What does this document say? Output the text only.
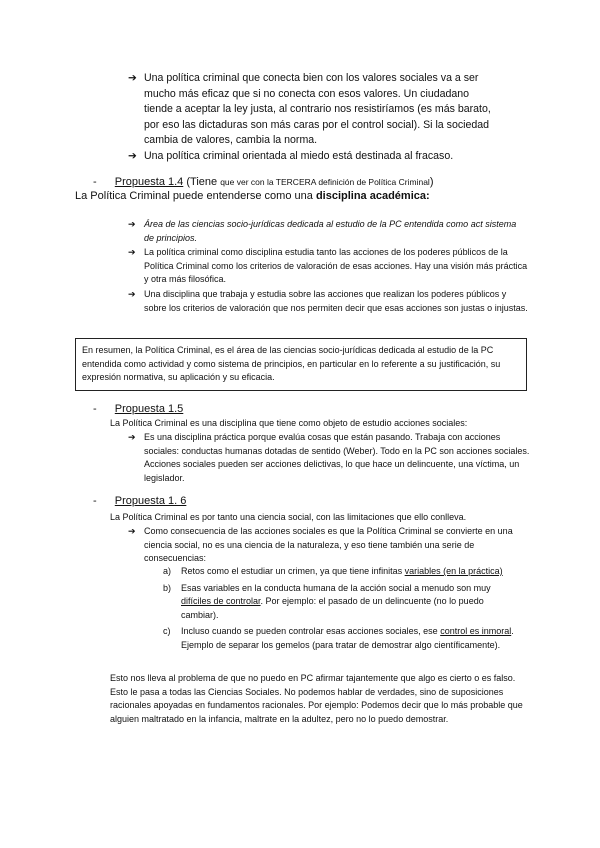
➔ Una política criminal que conecta bien con los valores sociales va a ser mucho más eficaz que si no conecta con esos valores. Un ciudadano tiende a aceptar la ley justa, al contrario nos resistiríamos (es más barato, por eso las dictaduras son más caras por el control social). Si la sociedad cambia de valores, cambia la norma.
➔ Una política criminal orientada al miedo está destinada al fracaso.
- Propuesta 1.4 (Tiene que ver con la TERCERA definición de Política Criminal)
La Política Criminal puede entenderse como una disciplina académica:
➔ Área de las ciencias socio-jurídicas dedicada al estudio de la PC entendida como act sistema de principios.
➔ La política criminal como disciplina estudia tanto las acciones de los poderes públicos de la Política Criminal como los criterios de valoración de esas acciones. Hay una visión más práctica y otra más filosófica.
➔ Una disciplina que trabaja y estudia sobre las acciones que realizan los poderes públicos y sobre los criterios de valoración que nos permiten decir que esas acciones son justas o injustas.
En resumen, la Política Criminal, es el área de las ciencias socio-jurídicas dedicada al estudio de la PC entendida como actividad y como sistema de principios, en particular en lo referente a su justificación, su expresión normativa, su aplicación y su eficacia.
- Propuesta 1.5
La Política Criminal es una disciplina que tiene como objeto de estudio acciones sociales:
➔ Es una disciplina práctica porque evalúa cosas que están pasando. Trabaja con acciones sociales: conductas humanas dotadas de sentido (Weber). Todo en la PC son acciones sociales. Acciones sociales pueden ser acciones delictivas, lo que hace un delincuente, una víctima, un legislador.
- Propuesta 1. 6
La Política Criminal es por tanto una ciencia social, con las limitaciones que ello conlleva.
➔ Como consecuencia de las acciones sociales es que la Política Criminal se convierte en una ciencia social, no es una ciencia de la naturaleza, y eso tiene también una serie de consecuencias:
a) Retos como el estudiar un crimen, ya que tiene infinitas variables (en la práctica)
b) Esas variables en la conducta humana de la acción social a menudo son muy difíciles de controlar. Por ejemplo: el pasado de un delincuente (no lo puedo cambiar).
c) Incluso cuando se pueden controlar esas acciones sociales, ese control es inmoral. Ejemplo de separar los gemelos (para tratar de demostrar algo científicamente).
Esto nos lleva al problema de que no puedo en PC afirmar tajantemente que algo es cierto o es falso. Esto le pasa a todas las Ciencias Sociales. No podemos hablar de verdades, sino de suposiciones racionales apoyadas en fundamentos racionales. Por ejemplo: Podemos decir que lo más probable que alguien maltratado en la infancia, maltrate en la adultez, pero no lo puedo demostrar.
